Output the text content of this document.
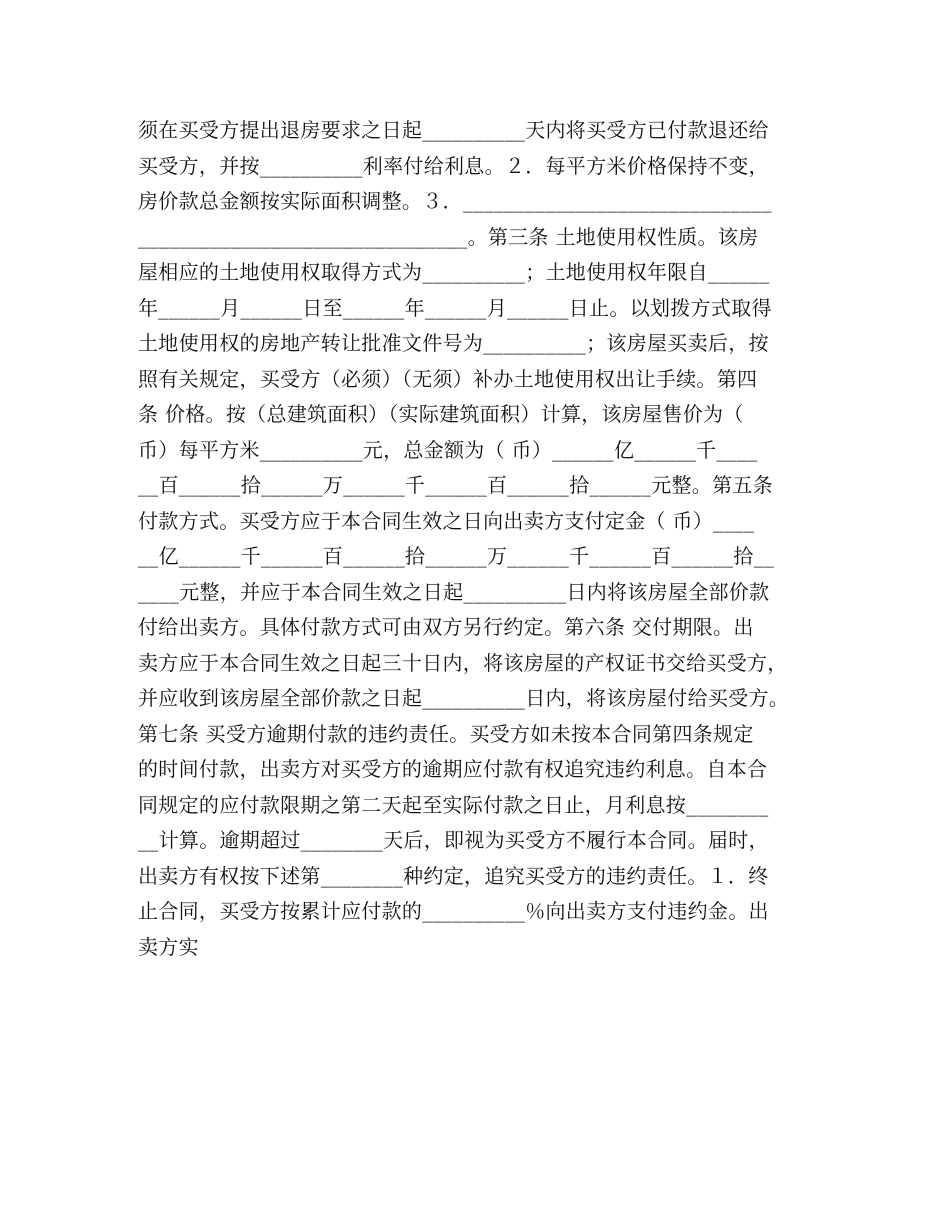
须在买受方提出退房要求之日起__________天内将买受方已付款退还给
买受方，并按__________利率付给利息。２．每平方米价格保持不变，
房价款总金额按实际面积调整。３．______________________________
________________________________。第三条 土地使用权性质。该房
屋相应的土地使用权取得方式为__________；土地使用权年限自______
年______月______日至______年______月______日止。以划拨方式取得
土地使用权的房地产转让批准文件号为__________；该房屋买卖后，按
照有关规定，买受方（必须）（无须）补办土地使用权出让手续。第四
条 价格。按（总建筑面积）（实际建筑面积）计算，该房屋售价为（
币）每平方米__________元，总金额为（ 币）______亿______千____
__百______拾______万______千______百______拾______元整。第五条
付款方式。买受方应于本合同生效之日向出卖方支付定金（ 币）____
__亿______千______百______拾______万______千______百______拾__
____元整，并应于本合同生效之日起__________日内将该房屋全部价款
付给出卖方。具体付款方式可由双方另行约定。第六条 交付期限。出
卖方应于本合同生效之日起三十日内，将该房屋的产权证书交给买受方，
并应收到该房屋全部价款之日起__________日内，将该房屋付给买受方。
第七条 买受方逾期付款的违约责任。买受方如未按本合同第四条规定
的时间付款，出卖方对买受方的逾期应付款有权追究违约利息。自本合
同规定的应付款限期之第二天起至实际付款之日止，月利息按________
__计算。逾期超过________天后，即视为买受方不履行本合同。届时，
出卖方有权按下述第________种约定，追究买受方的违约责任。１．终
止合同，买受方按累计应付款的__________％向出卖方支付违约金。出
卖方实
